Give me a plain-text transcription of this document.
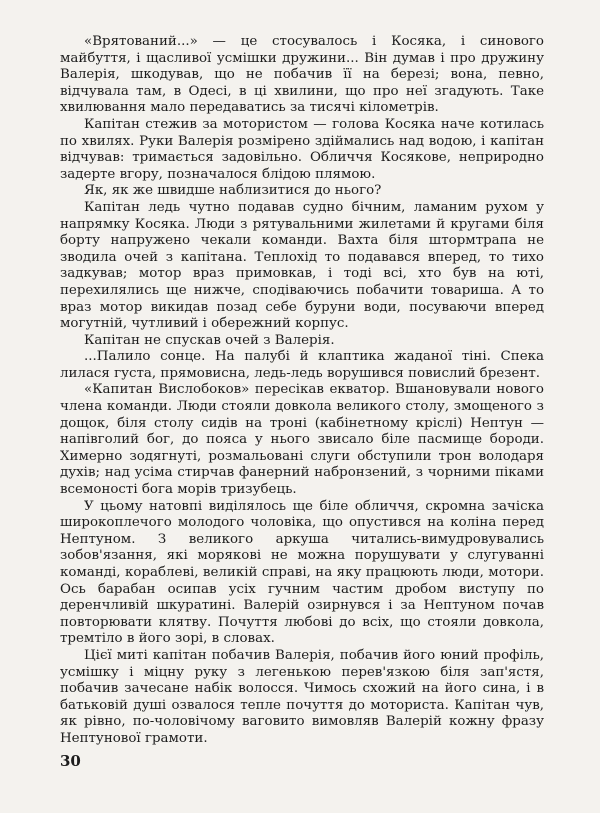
«Врятований...» — це стосувалось і Косяка, і синового майбуття, і щасливої усмішки дружини... Він думав і про дружину Валерія, шкодував, що не побачив її на березі; вона, певно, відчувала там, в Одесі, в ці хвилини, що про неї згадують. Таке хвилювання мало передаватись за тисячі кілометрів.

Капітан стежив за мотористом — голова Косяка наче котилась по хвилях. Руки Валерія розмірено здіймались над водою, і капітан відчував: тримається задовільно. Обличчя Косякове, неприродно задерте вгору, позначалося блідою плямою.

Як, як же швидше наблизитися до нього?

Капітан ледь чутно подавав судно бічним, ламаним рухом у напрямку Косяка. Люди з рятувальними жилетами й кругами біля борту напружено чекали команди. Вахта біля штормтрапа не зводила очей з капітана. Теплохід то подавався вперед, то тихо задкував; мотор враз примовкав, і тоді всі, хто був на юті, перехилялись ще нижче, сподіваючись побачити товариша. А то враз мотор викидав позад себе буруни води, посуваючи вперед могутній, чутливий і обережний корпус.

Капітан не спускав очей з Валерія.

...Палило сонце. На палубі й клаптика жаданої тіні. Спека лилася густа, прямовисна, ледь-ледь ворушився повислий брезент.

«Капитан Вислобоков» пересікав екватор. Вшановували нового члена команди. Люди стояли довкола великого столу, змощеного з дощок, біля столу сидів на троні (кабінетному кріслі) Нептун — напівголий бог, до пояса у нього звисало біле пасмище бороди. Химерно зодягнуті, розмальовані слуги обступили трон володаря духів; над усіма стирчав фанерний набронзений, з чорними піками всемоності бога морів тризубець.

У цьому натовпі виділялось ще біле обличчя, скромна зачіска широкоплечого молодого чоловіка, що опустився на коліна перед Нептуном. З великого аркуша читались-вимудровувались зобов'язання, які морякові не можна порушувати у слугуванні команді, кораблеві, великій справі, на яку працюють люди, мотори. Ось барабан осипав усіх гучним частим дробом виступу по деренчливій шкуратині. Валерій озирнувся і за Нептуном почав повторювати клятву. Почуття любові до всіх, що стояли довкола, тремтіло в його зорі, в словах.

Цієї миті капітан побачив Валерія, побачив його юний профіль, усмішку і міцну руку з легенькою перев'язкою біля зап'ястя, побачив зачесане набік волосся. Чимось схожий на його сина, і в батьковій душі озвалося тепле почуття до моториста. Капітан чув, як рівно, по-чоловічому ваговито вимовляв Валерій кожну фразу Нептунової грамоти.

30
